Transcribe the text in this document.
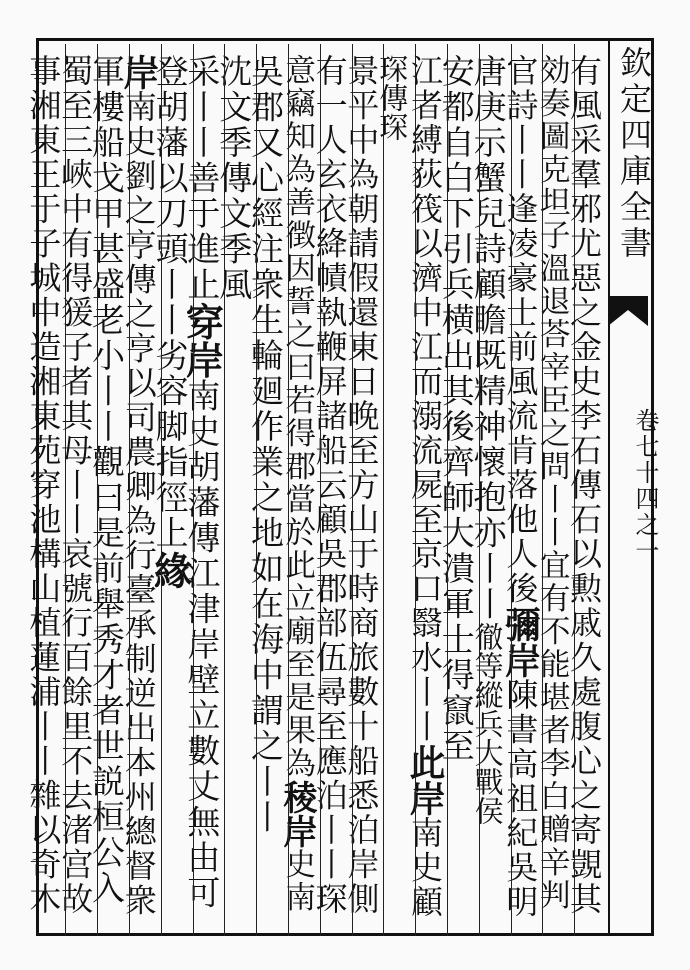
欽定四庫全書
卷七十四之一
有風采羣邪尤惡之金史李石傳石以勲戚久處腹心之寄覬其
効奏圖克坦子溫退荅宰臣之問丨丨宜有不能堪者李白贈辛判
官詩丨丨逢凌豪士前風流肯落他人後彌岸陳書高祖紀吳明
唐庚示蟹兒詩顧瞻既精神懷抱亦丨丨徹等縱兵大戰侯
安都自白下引兵横出其後齊師大潰軍士得竄至
江者縛荻筏以濟中江而溺流屍至京口翳水丨丨此岸南史顧
琛傳琛
景平中為朝請假還東日晚至方山于時商旅數十船悉泊岸側
有一人玄衣絳幘執鞭屏諸船云顧吳郡部伍尋至應泊丨丨琛
意竊知為善徴因誓之曰若得郡當於此立廟至是果為稜岸史南
吳郡又心經注衆生輪廻作業之地如在海中謂之丨丨
沈文季傳文季風
采丨丨善于進止穿岸南史胡藩傳江津岸壁立數丈無由可
登胡藩以刀頭丨丨劣容脚指徑上緣
岸南史劉之亨傳之亨以司農卿為行臺承制逆出本州總督衆
軍樓船戈甲甚盛老小丨丨觀曰是前舉秀才者世説桓公入
蜀至三峽中有得猨子者其母丨丨哀號行百餘里不去渚宫故
事湘東王于子城中造湘東苑穿池構山植蓮浦丨丨雜以奇木
